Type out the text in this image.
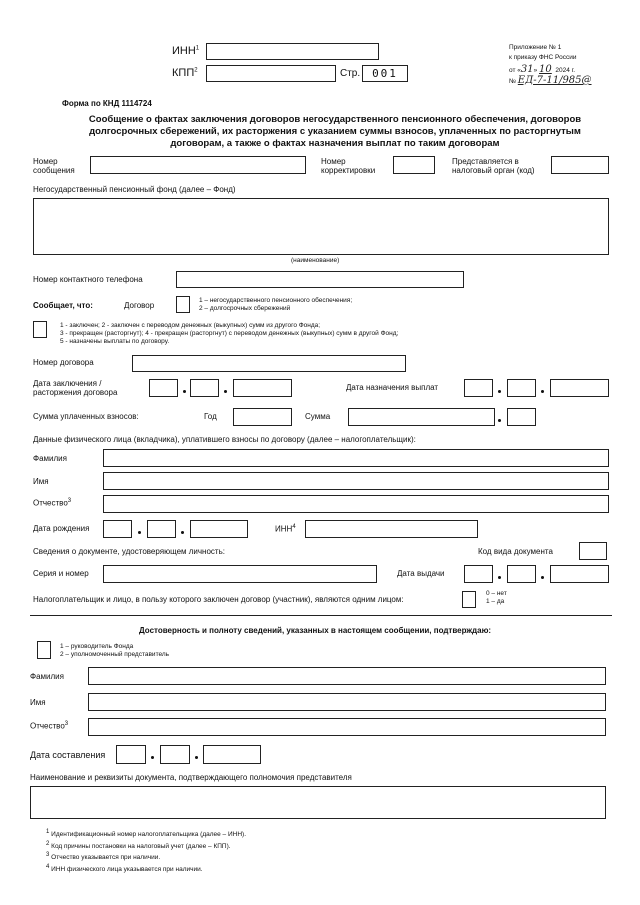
ИНН$^1$
КПП$^2$	Стр.	001
Приложение № 1
к приказу ФНС России
от «31» 10 2024 г.
№ ЕД-7-11/985@
Форма по КНД 1114724
Сообщение о фактах заключения договоров негосударственного пенсионного обеспечения, договоров
долгосрочных сбережений, их расторжения с указанием суммы взносов, уплаченных по расторгнутым
договорам, а также о фактах назначения выплат по таким договорам
Номер
сообщения
Номер
корректировки
Представляется в
налоговый орган (код)
Негосударственный пенсионный фонд (далее – Фонд)
(наименование)
Номер контактного телефона
Сообщает, что:	Договор
1 – негосударственного пенсионного обеспечения;
2 – долгосрочных сбережений
1 - заключен; 2 - заключен с переводом денежных (выкупных) сумм из другого Фонда;
3 - прекращен (расторгнут); 4 - прекращен (расторгнут) с переводом денежных (выкупных) сумм в другой Фонд;
5 - назначены выплаты по договору.
Номер договора
Дата заключения /
расторжения договора
Дата назначения выплат
Сумма уплаченных взносов:	Год	Сумма
Данные физического лица (вкладчика), уплатившего взносы по договору (далее – налогоплательщик):
Фамилия
Имя
Отчество$^3$
Дата рождения	ИНН$^4$
Сведения о документе, удостоверяющем личность:	Код вида документа
Серия и номер	Дата выдачи
Налогоплательщик и лицо, в пользу которого заключен договор (участник), являются одним лицом:
0 – нет
1 – да
Достоверность и полноту сведений, указанных в настоящем сообщении, подтверждаю:
1 – руководитель Фонда
2 – уполномоченный представитель
Фамилия
Имя
Отчество$^3$
Дата составления
Наименование и реквизиты документа, подтверждающего полномочия представителя
$^1$ Идентификационный номер налогоплательщика (далее – ИНН).
$^2$ Код причины постановки на налоговый учет (далее – КПП).
$^3$ Отчество указывается при наличии.
$^4$ ИНН физического лица указывается при наличии.
